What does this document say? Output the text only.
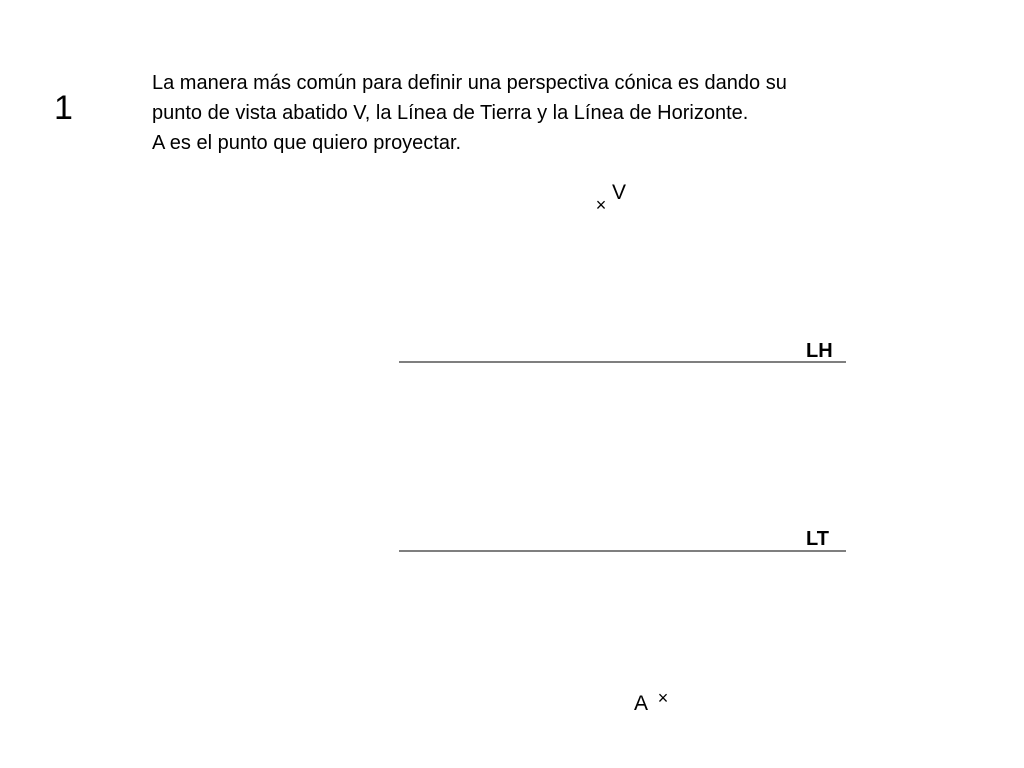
1

La manera más común para definir una perspectiva cónica es dando su

punto de vista abatido V, la Línea de Tierra y la Línea de Horizonte.

A es el punto que quiero proyectar.

×
V
LH
LT
A ×
